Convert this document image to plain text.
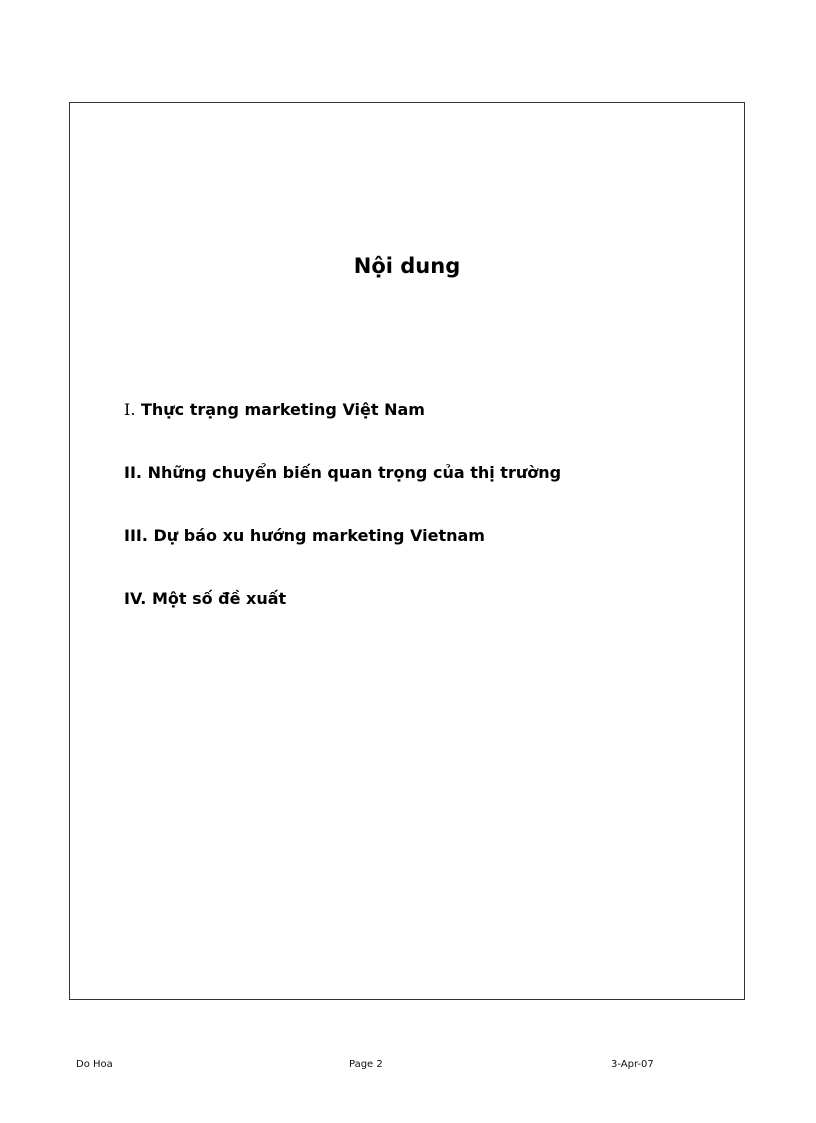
Nội dung
I. Thực trạng marketing Việt Nam
II. Những chuyển biến quan trọng của thị trường
III. Dự báo xu hướng marketing Vietnam
IV. Một số đề xuất
Do Hoa	Page 2	3-Apr-07
